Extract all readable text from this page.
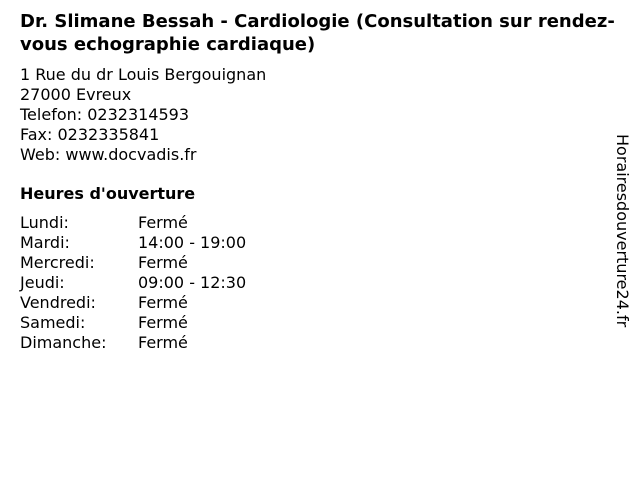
Dr. Slimane Bessah - Cardiologie (Consultation sur rendez-vous echographie cardiaque)
1 Rue du dr Louis Bergouignan
27000 Evreux
Telefon: 0232314593
Fax: 0232335841
Web: www.docvadis.fr
Heures d'ouverture
Lundi:	Fermé
Mardi:	14:00 - 19:00
Mercredi:	Fermé
Jeudi:	09:00 - 12:30
Vendredi:	Fermé
Samedi:	Fermé
Dimanche: Fermé
Horairesdouverture24.fr
